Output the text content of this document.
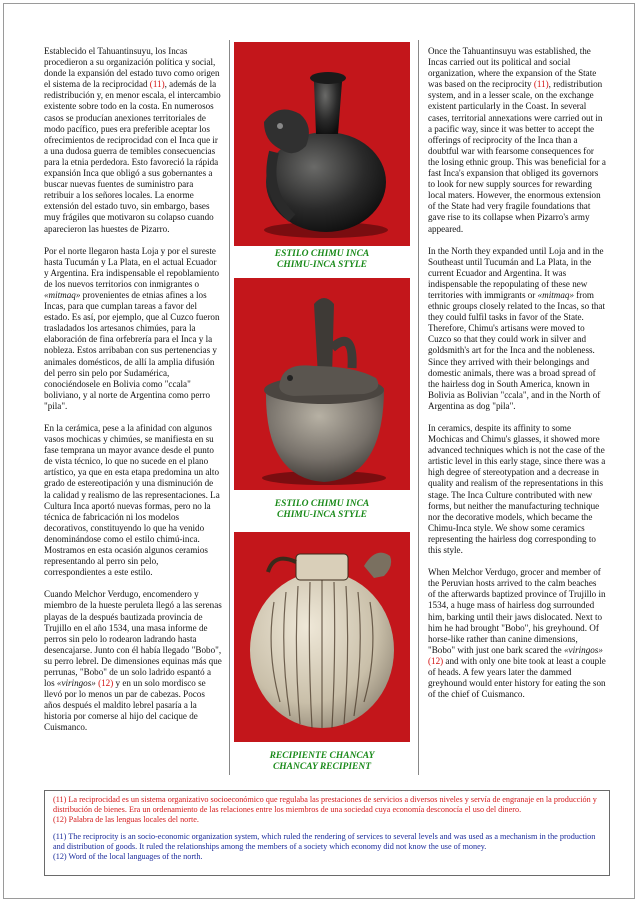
Establecido el Tahuantinsuyu, los Incas procedieron a su organización política y social, donde la expansión del estado tuvo como origen el sistema de la reciprocidad (11), además de la redistribución y, en menor escala, el intercambio existente sobre todo en la costa. En numerosos casos se producían anexiones territoriales de modo pacífico, pues era preferible aceptar los ofrecimientos de reciprocidad con el Inca que ir a una dudosa guerra de temibles consecuencias para la etnia perdedora. Esto favoreció la rápida expansión Inca que obligó a sus gobernantes a buscar nuevas fuentes de suministro para retribuir a los señores locales. La enorme extensión del estado tuvo, sin embargo, bases muy frágiles que motivaron su colapso cuando aparecieron las huestes de Pizarro.

Por el norte llegaron hasta Loja y por el sureste hasta Tucumán y La Plata, en el actual Ecuador y Argentina. Era indispensable el repoblamiento de los nuevos territorios con inmigrantes o «mitmaq» provenientes de etnias afines a los Incas, para que cumplan tareas a favor del estado. Es así, por ejemplo, que al Cuzco fueron trasladados los artesanos chimúes, para la elaboración de fina orfebrería para el Inca y la nobleza. Estos arribaban con sus pertenencias y animales domésticos, de allí la amplia difusión del perro sin pelo por Sudamérica, conociéndosele en Bolivia como "ccala" boliviano, y al norte de Argentina como perro "pila".

En la cerámica, pese a la afinidad con algunos vasos mochicas y chimúes, se manifiesta en su fase temprana un mayor avance desde el punto de vista técnico, lo que no sucede en el plano artístico, ya que en esta etapa predomina un alto grado de estereotipación y una disminución de la calidad y realismo de las representaciones. La Cultura Inca aportó nuevas formas, pero no la técnica de fabricación ni los modelos decorativos, constituyendo lo que ha venido denominándose como el estilo chimú-inca. Mostramos en esta ocasión algunos ceramios representando al perro sin pelo, correspondientes a este estilo.

Cuando Melchor Verdugo, encomendero y miembro de la hueste peruleta llegó a las serenas playas de la después bautizada provincia de Trujillo en el año 1534, una masa informe de perros sin pelo lo rodearon ladrando hasta desencajarse. Junto con él había llegado "Bobo", su perro lebrel. De dimensiones equinas más que perrunas, "Bobo" de un solo ladrido espantó a los «viringos» (12) y en un solo mordisco se llevó por lo menos un par de cabezas. Pocos años después el maldito lebrel pasaría a la historia por comerse al hijo del cacique de Cuismanco.

ESTILO CHIMU INCA
CHIMU-INCA STYLE
ESTILO CHIMU INCA
CHIMU-INCA STYLE
RECIPIENTE CHANCAY
CHANCAY RECIPIENT

Once the Tahuantinsuyu was established, the Incas carried out its political and social organization, where the expansion of the State was based on the reciprocity (11), redistribution system, and in a lesser scale, on the exchange existent particularly in the Coast. In several cases, territorial annexations were carried out in a pacific way, since it was better to accept the offerings of reciprocity of the Inca than a doubtful war with fearsome consequences for the losing ethnic group. This was beneficial for a fast Inca's expansion that obliged its governors to look for new supply sources for rewarding local maters. However, the enormous extension of the State had very fragile foundations that gave rise to its collapse when Pizarro's army appeared.

In the North they expanded until Loja and in the Southeast until Tucumán and La Plata, in the current Ecuador and Argentina. It was indispensable the repopulating of these new territories with immigrants or «mitmaq» from ethnic groups closely related to the Incas, so that they could fulfil tasks in favor of the State. Therefore, Chimu's artisans were moved to Cuzco so that they could work in silver and goldsmith's art for the Inca and the nobleness. Since they arrived with their belongings and domestic animals, there was a broad spread of the hairless dog in South America, known in Bolivia as Bolivian "ccala", and in the North of Argentina as dog "pila".

In ceramics, despite its affinity to some Mochicas and Chimu's glasses, it showed more advanced techniques which is not the case of the artistic level in this early stage, since there was a high degree of stereotypation and a decrease in quality and realism of the representations in this stage. The Inca Culture contributed with new forms, but neither the manufacturing technique nor the decorative models, which became the Chimu-Inca style. We show some ceramics representing the hairless dog corresponding to this style.

When Melchor Verdugo, grocer and member of the Peruvian hosts arrived to the calm beaches of the afterwards baptized province of Trujillo in 1534, a huge mass of hairless dog surrounded him, barking until their jaws dislocated. Next to him he had brought "Bobo", his greyhound. Of horse-like rather than canine dimensions, "Bobo" with just one bark scared the «viringos» (12) and with only one bite took at least a couple of heads. A few years later the dammed greyhound would enter history for eating the son of the chief of Cuismanco.

(11) La reciprocidad es un sistema organizativo socioeconómico que regulaba las prestaciones de servicios a diversos niveles y servía de engranaje en la producción y distribución de bienes. Era un ordenamiento de las relaciones entre los miembros de una sociedad cuya economía desconocía el uso del dinero.
(12) Palabra de las lenguas locales del norte.
(11) The reciprocity is an socio-economic organization system, which ruled the rendering of services to several levels and was used as a mechanism in the production and distribution of goods. It ruled the relationships among the members of a society which economy did not know the use of money.
(12) Word of the local languages of the north.
